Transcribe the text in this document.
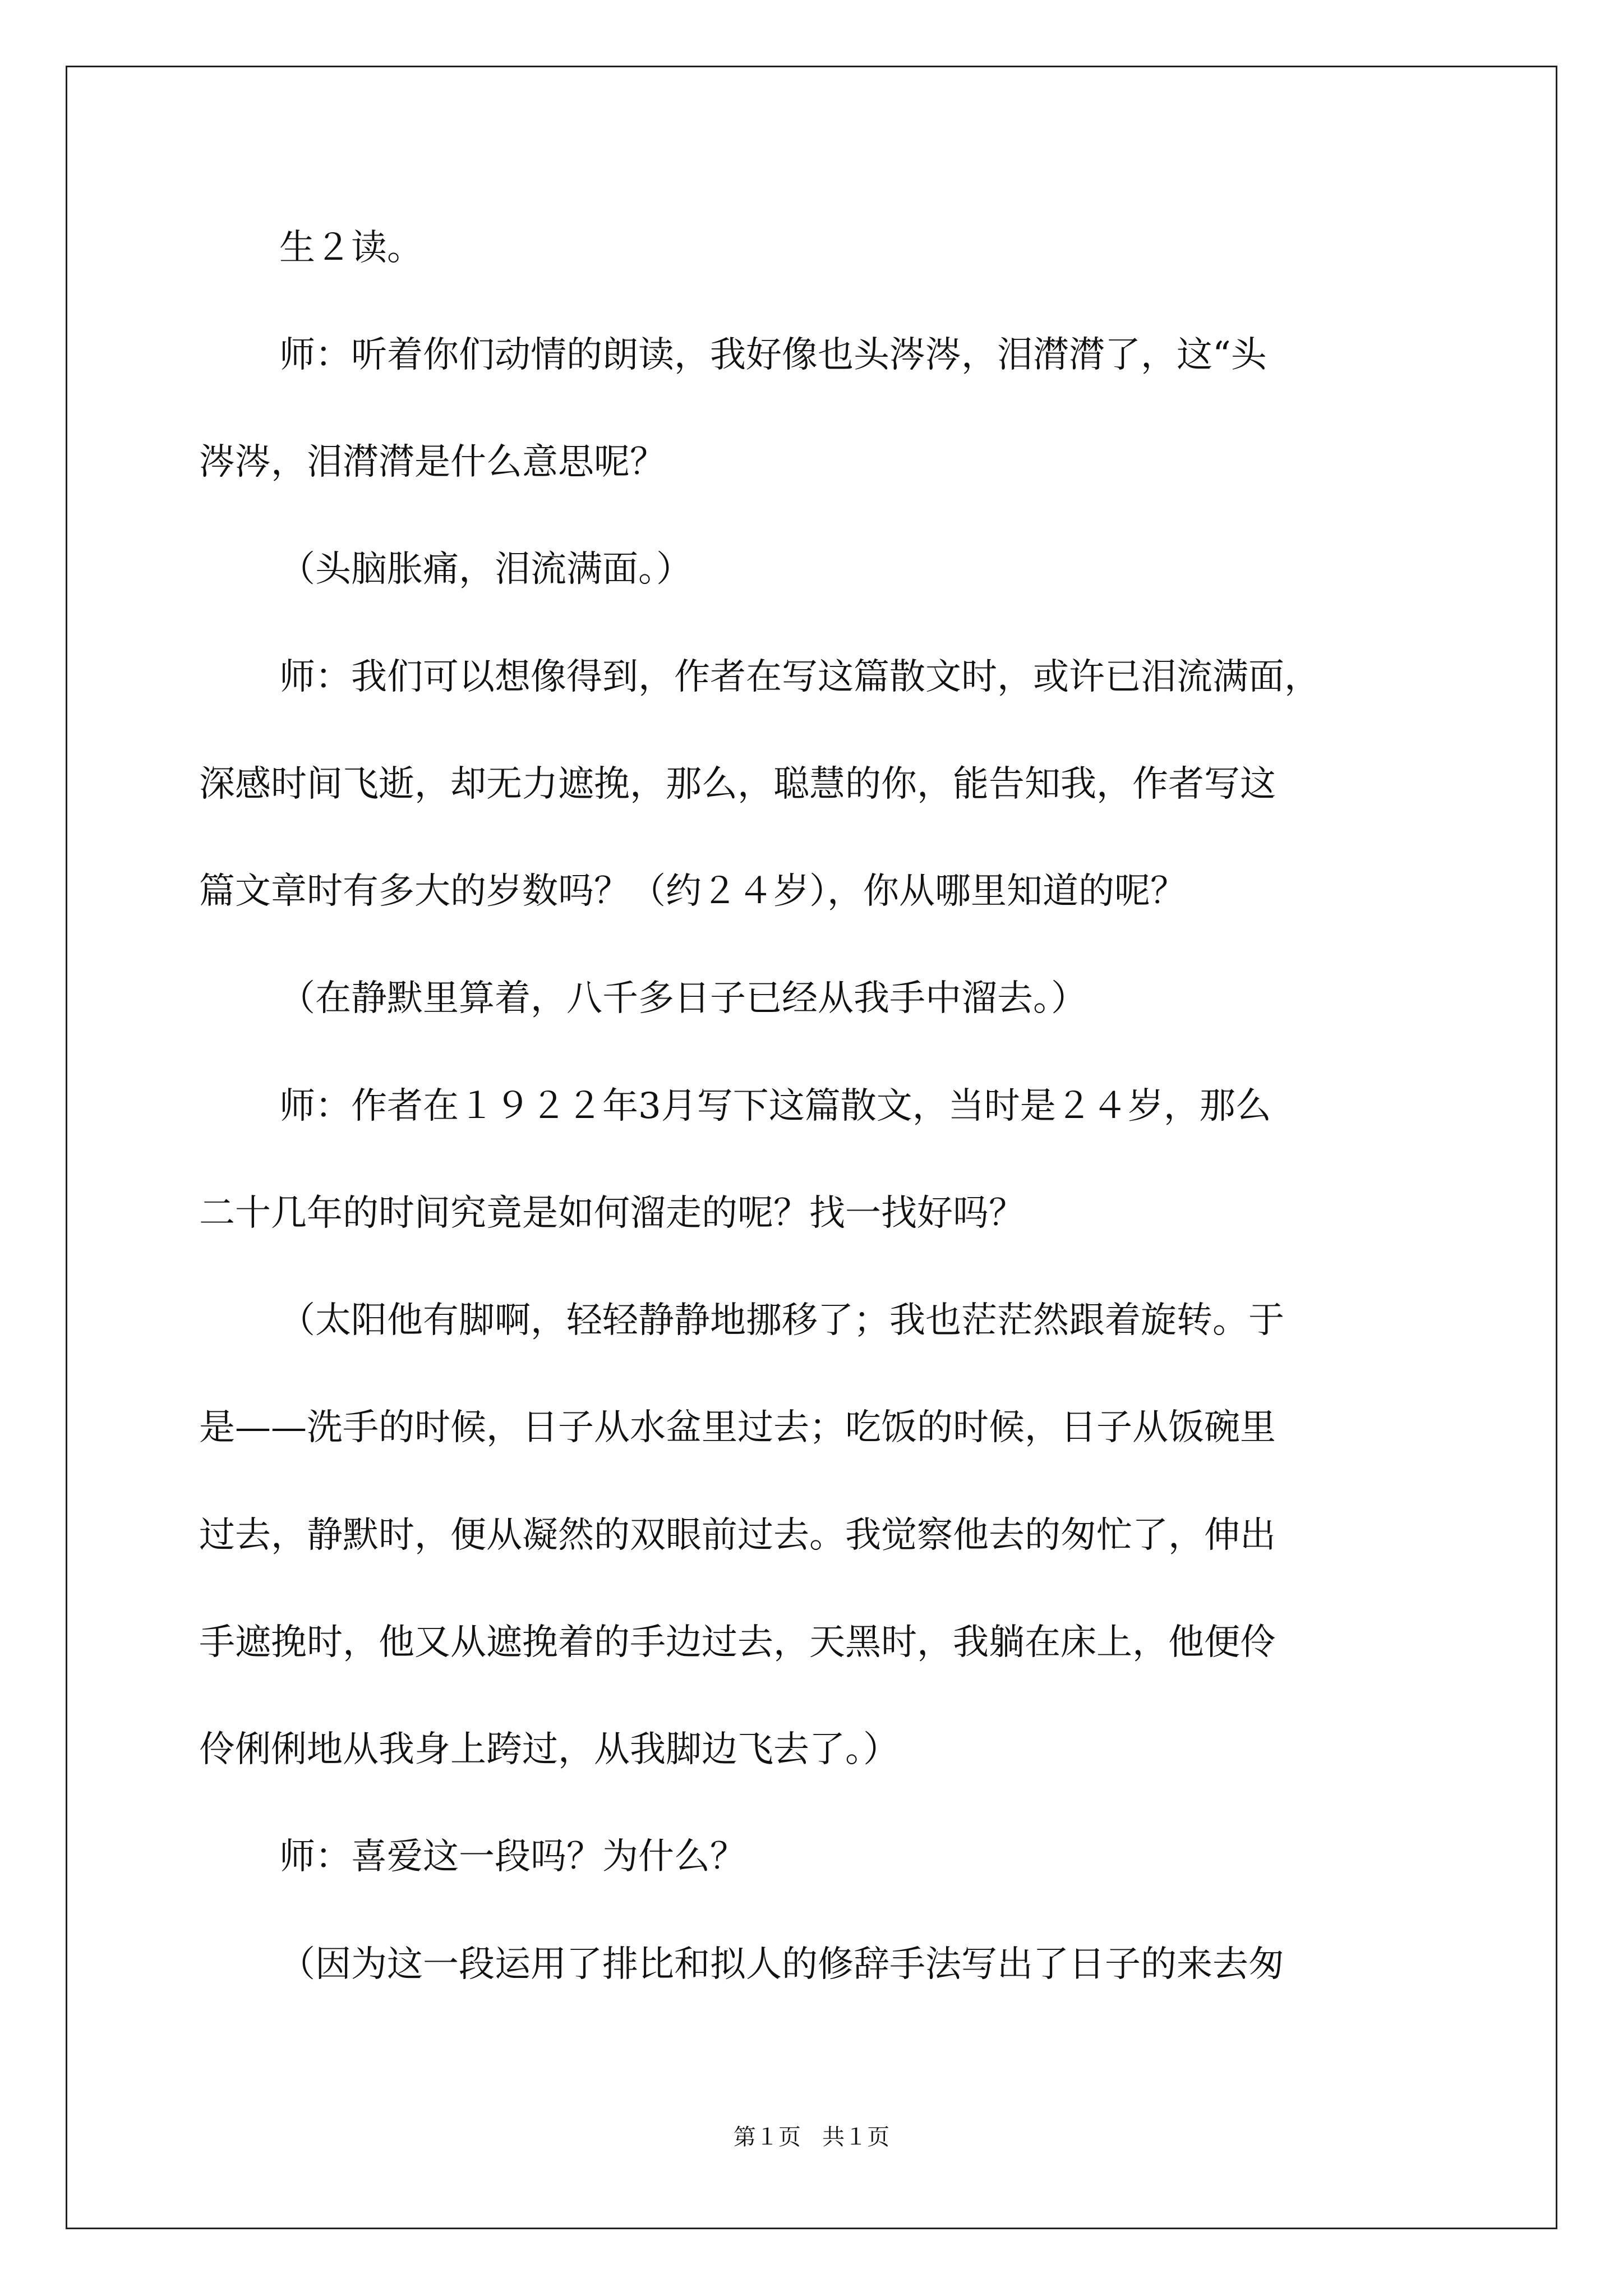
生２读。
师：听着你们动情的朗读，我好像也头涔涔，泪潸潸了，这“头
涔涔，泪潸潸是什么意思呢？
（头脑胀痛，泪流满面。）
师：我们可以想像得到，作者在写这篇散文时，或许已泪流满面，
深感时间飞逝，却无力遮挽，那么，聪慧的你，能告知我，作者写这
篇文章时有多大的岁数吗？（约２４岁），你从哪里知道的呢？
（在静默里算着，八千多日子已经从我手中溜去。）
师：作者在１９２２年3月写下这篇散文，当时是２４岁，那么
二十几年的时间究竟是如何溜走的呢？找一找好吗？
（太阳他有脚啊，轻轻静静地挪移了；我也茫茫然跟着旋转。于
是——洗手的时候，日子从水盆里过去；吃饭的时候，日子从饭碗里
过去，静默时，便从凝然的双眼前过去。我觉察他去的匆忙了，伸出
手遮挽时，他又从遮挽着的手边过去，天黑时，我躺在床上，他便伶
伶俐俐地从我身上跨过，从我脚边飞去了。）
师：喜爱这一段吗？为什么？
（因为这一段运用了排比和拟人的修辞手法写出了日子的来去匆
第１页 共１页
